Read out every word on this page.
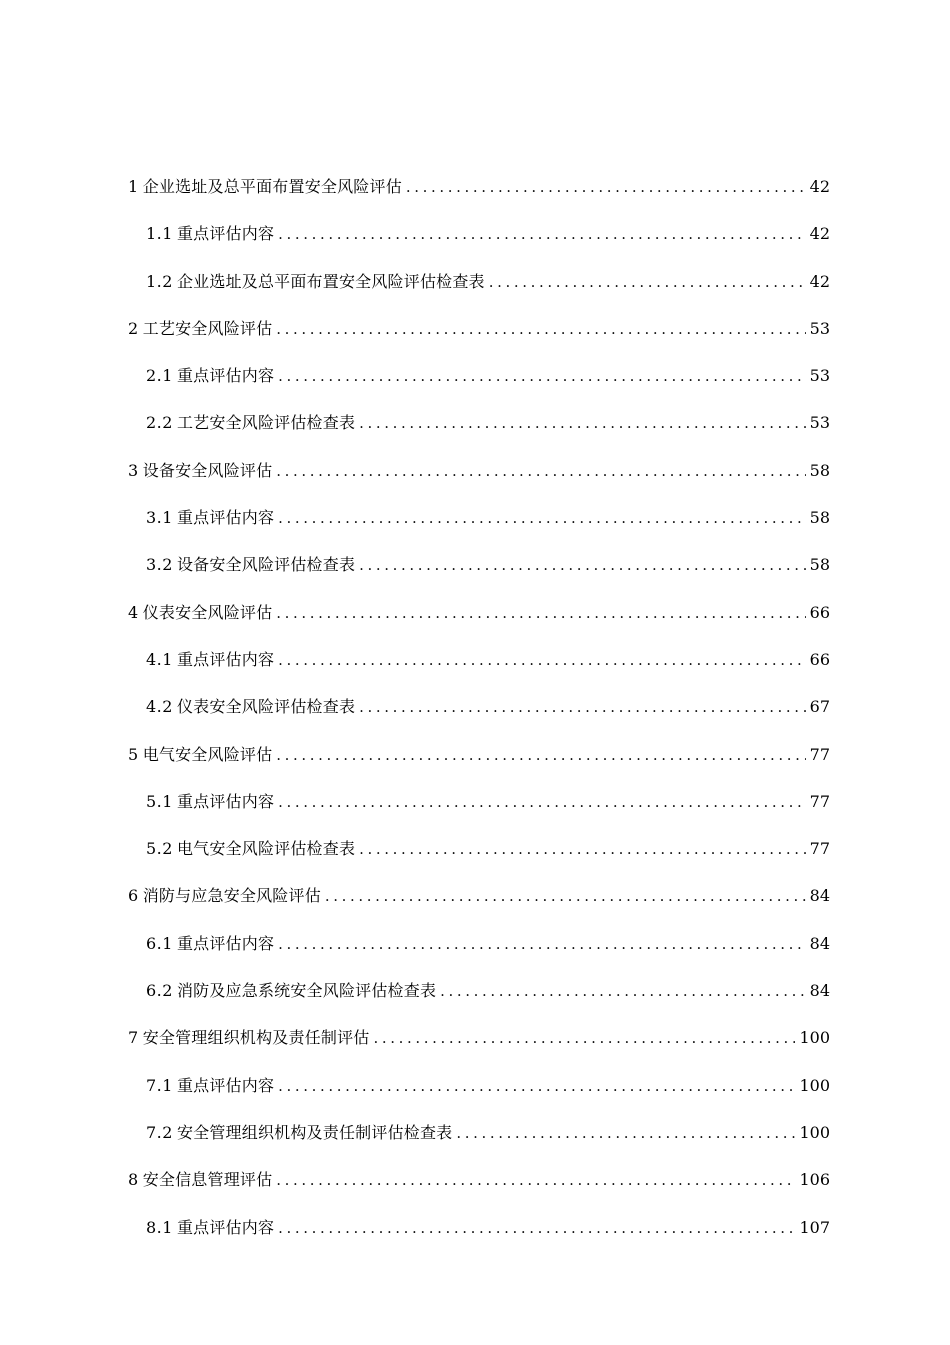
1 企业选址及总平面布置安全风险评估 .....	42
1.1 重点评估内容 .....	42
1.2 企业选址及总平面布置安全风险评估检查表 .....	42
2 工艺安全风险评估 .....	53
2.1 重点评估内容 .....	53
2.2 工艺安全风险评估检查表 .....	53
3 设备安全风险评估 .....	58
3.1 重点评估内容 .....	58
3.2 设备安全风险评估检查表 .....	58
4 仪表安全风险评估 .....	66
4.1 重点评估内容 .....	66
4.2 仪表安全风险评估检查表 .....	67
5 电气安全风险评估 .....	77
5.1 重点评估内容 .....	77
5.2 电气安全风险评估检查表 .....	77
6 消防与应急安全风险评估 .....	84
6.1 重点评估内容 .....	84
6.2 消防及应急系统安全风险评估检查表 .....	84
7 安全管理组织机构及责任制评估 .....	100
7.1 重点评估内容 .....	100
7.2 安全管理组织机构及责任制评估检查表 .....	100
8 安全信息管理评估 .....	106
8.1 重点评估内容 .....	107
